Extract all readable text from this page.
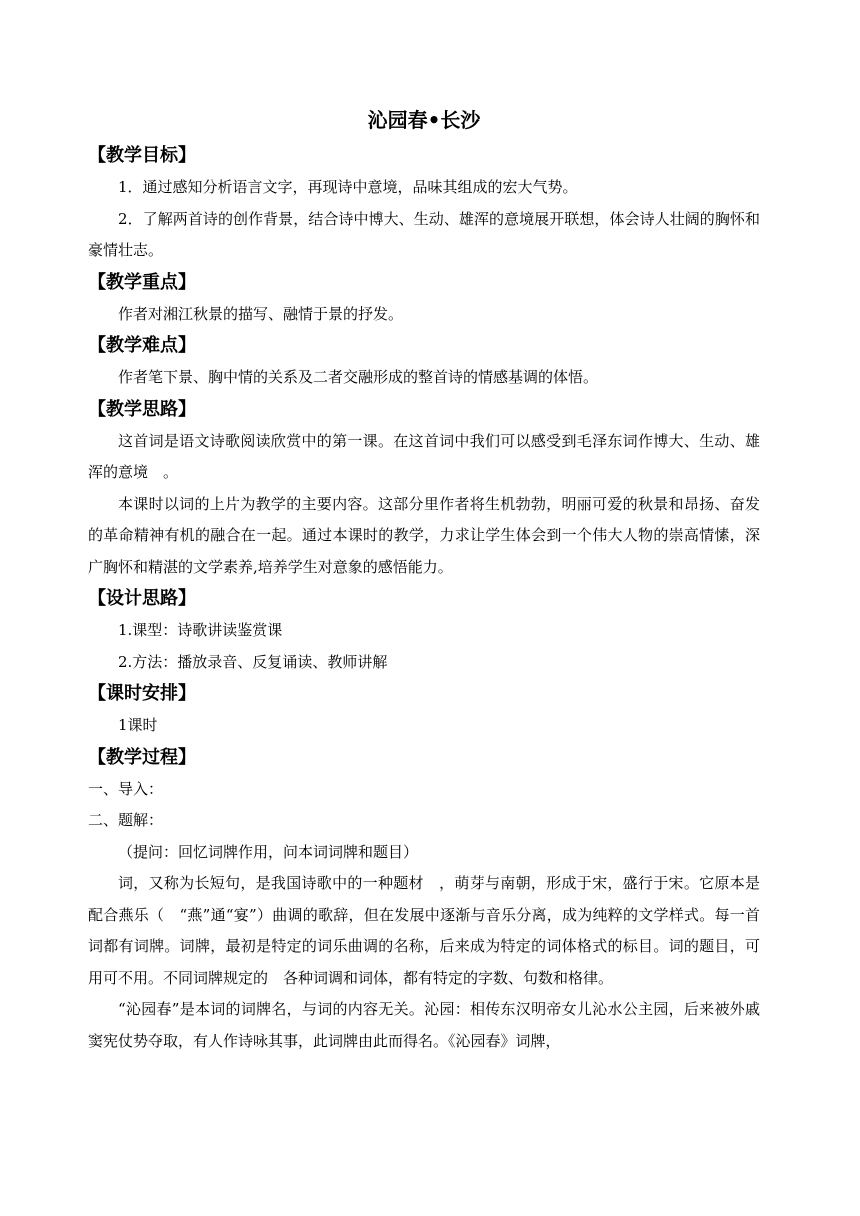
沁园春•长沙
【教学目标】

1．通过感知分析语言文字，再现诗中意境，品味其组成的宏大气势。

2．了解两首诗的创作背景，结合诗中博大、生动、雄浑的意境展开联想，体会诗人壮阔的胸怀和豪情壮志。

【教学重点】

作者对湘江秋景的描写、融情于景的抒发。

【教学难点】

作者笔下景、胸中情的关系及二者交融形成的整首诗的情感基调的体悟。

【教学思路】

这首词是语文诗歌阅读欣赏中的第一课。在这首词中我们可以感受到毛泽东词作博大、生动、雄浑的意境　。

本课时以词的上片为教学的主要内容。这部分里作者将生机勃勃，明丽可爱的秋景和昂扬、奋发的革命精神有机的融合在一起。通过本课时的教学，力求让学生体会到一个伟大人物的崇高情愫，深广胸怀和精湛的文学素养,培养学生对意象的感悟能力。

【设计思路】

1.课型：诗歌讲读鉴赏课

2.方法：播放录音、反复诵读、教师讲解

【课时安排】

1课时

【教学过程】

一、导入：

二、题解：

（提问：回忆词牌作用，问本词词牌和题目）

词，又称为长短句，是我国诗歌中的一种题材　，萌芽与南朝，形成于宋，盛行于宋。它原本是配合燕乐（　“燕”通“宴”）曲调的歌辞，但在发展中逐渐与音乐分离，成为纯粹的文学样式。每一首词都有词牌。词牌，最初是特定的词乐曲调的名称，后来成为特定的词体格式的标目。词的题目，可用可不用。不同词牌规定的　各种词调和词体，都有特定的字数、句数和格律。

“沁园春”是本词的词牌名，与词的内容无关。沁园：相传东汉明帝女儿沁水公主园，后来被外戚窦宪仗势夺取，有人作诗咏其事，此词牌由此而得名。《沁园春》词牌，
